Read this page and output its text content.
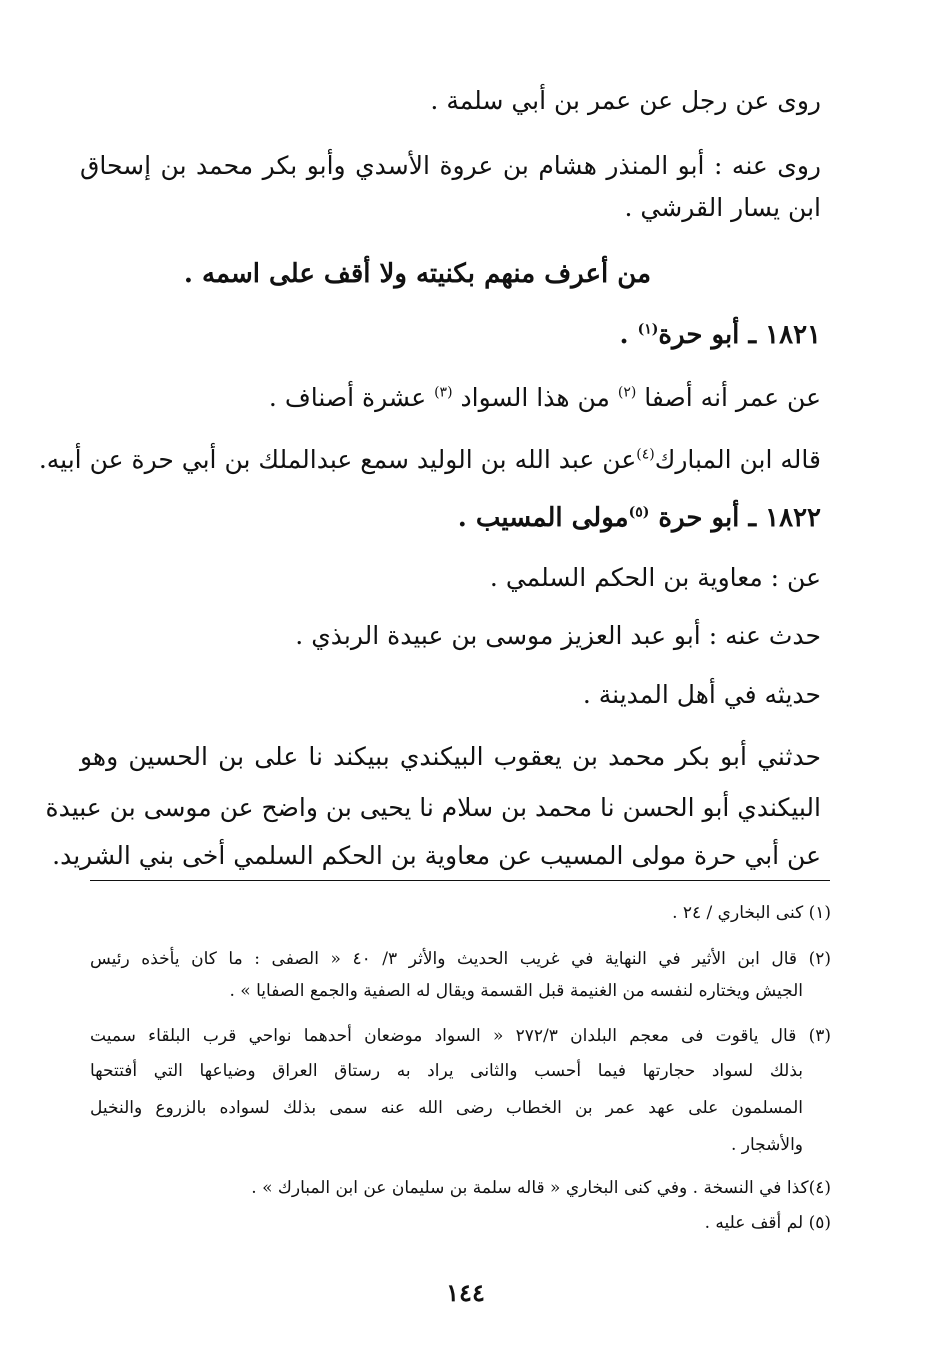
روى عن رجل عن عمر بن أبي سلمة .
روى عنه : أبو المنذر هشام بن عروة الأسدي وأبو بكر محمد بن إسحاق
ابن يسار القرشي .
من أعرف منهم بكنيته ولا أقف على اسمه .
١٨٢١ ـ أبو حرة$^{(١)}$ .
عن عمر أنه أصفا $^{(٢)}$ من هذا السواد $^{(٣)}$ عشرة أصناف .
قاله ابن المبارك$^{(٤)}$عن عبد الله بن الوليد سمع عبدالملك بن أبي حرة عن أبيه.
١٨٢٢ ـ أبو حرة $^{(٥)}$مولى المسيب .
عن : معاوية بن الحكم السلمي .
حدث عنه : أبو عبد العزيز موسى بن عبيدة الربذي .
حديثه في أهل المدينة .
حدثني أبو بكر محمد بن يعقوب البيكندي ببيكند نا على بن الحسين وهو
البيكندي أبو الحسن نا محمد بن سلام نا يحيى بن واضح عن موسى بن عبيدة
عن أبي حرة مولى المسيب عن معاوية بن الحكم السلمي أخى بني الشريد.
(١) كنى البخاري / ٢٤ .
(٢) قال ابن الأثير في النهاية في غريب الحديث والأثر ٣/ ٤٠ « الصفى : ما كان يأخذه رئيس
الجيش ويختاره لنفسه من الغنيمة قبل القسمة ويقال له الصفية والجمع الصفايا » .
(٣) قال ياقوت فى معجم البلدان ٢٧٢/٣ « السواد موضعان أحدهما نواحي قرب البلقاء سميت
بذلك لسواد حجارتها فيما أحسب والثانى يراد به رستاق العراق وضياعها التي أفتتحها
المسلمون على عهد عمر بن الخطاب رضى الله عنه سمى بذلك لسواده بالزروع والنخيل
والأشجار .
(٤)كذا في النسخة . وفي كنى البخاري « قاله سلمة بن سليمان عن ابن المبارك » .
(٥) لم أقف عليه .
١٤٤
